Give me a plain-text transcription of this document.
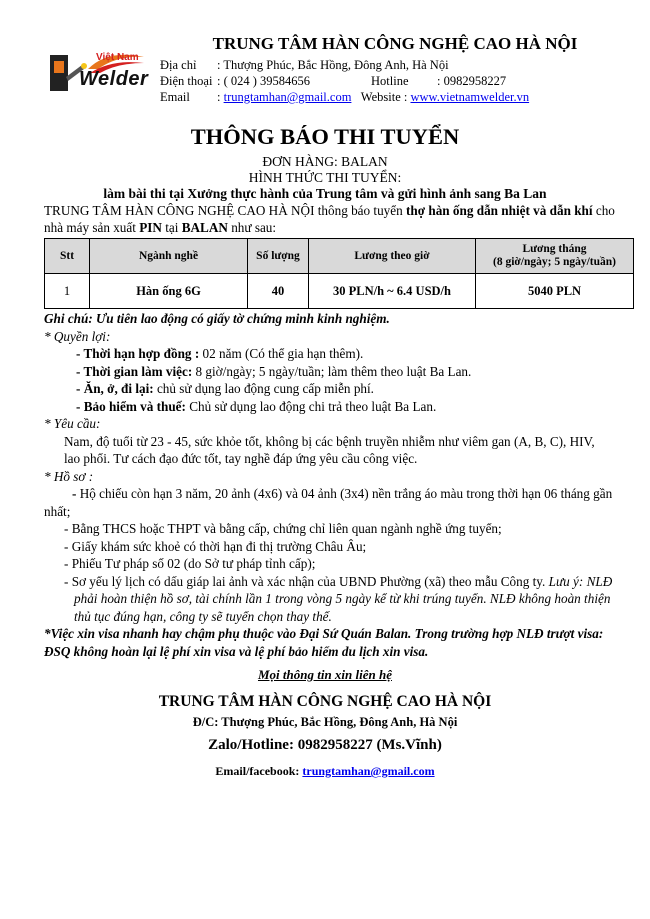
Việt Nam
Welder
TRUNG TÂM HÀN CÔNG NGHỆ CAO HÀ NỘI
Địa chỉ : Thượng Phúc, Bắc Hồng, Đông Anh, Hà Nội
Điện thoại : ( 024 ) 39584656	Hotline : 0982958227
Email : trungtamhan@gmail.com Website : www.vietnamwelder.vn
THÔNG BÁO THI TUYỂN
ĐƠN HÀNG: BALAN
HÌNH THỨC THI TUYỂN:
làm bài thi tại Xưởng thực hành của Trung tâm và gửi hình ảnh sang Ba Lan
TRUNG TÂM HÀN CÔNG NGHỆ CAO HÀ NỘI thông báo tuyển thợ hàn ống dẫn nhiệt và dẫn khí cho nhà máy sản xuất PIN tại BALAN như sau:
Stt	Ngành nghề	Số lượng	Lương theo giờ	Lương tháng
(8 giờ/ngày; 5 ngày/tuần)
1	Hàn ống 6G	40	30 PLN/h ~ 6.4 USD/h	5040 PLN
Ghi chú: Ưu tiên lao động có giấy tờ chứng minh kinh nghiệm.
* Quyền lợi:
- Thời hạn hợp đồng : 02 năm (Có thể gia hạn thêm).
- Thời gian làm việc: 8 giờ/ngày; 5 ngày/tuần; làm thêm theo luật Ba Lan.
- Ăn, ở, đi lại: chủ sử dụng lao động cung cấp miễn phí.
- Bảo hiểm và thuế: Chủ sử dụng lao động chi trả theo luật Ba Lan.
* Yêu cầu:
Nam, độ tuổi từ 23 - 45, sức khỏe tốt, không bị các bệnh truyền nhiễm như viêm gan (A, B, C), HIV,
lao phổi. Tư cách đạo đức tốt, tay nghề đáp ứng yêu cầu công việc.
* Hồ sơ :
- Hộ chiếu còn hạn 3 năm, 20 ảnh (4x6) và 04 ảnh (3x4) nền trắng áo màu trong thời hạn 06 tháng gần
nhất;
- Bằng THCS hoặc THPT và bằng cấp, chứng chỉ liên quan ngành nghề ứng tuyển;
- Giấy khám sức khoẻ có thời hạn đi thị trường Châu Âu;
- Phiếu Tư pháp số 02 (do Sở tư pháp tỉnh cấp);
- Sơ yếu lý lịch có dấu giáp lai ảnh và xác nhận của UBND Phường (xã) theo mẫu Công ty. Lưu ý: NLĐ
phải hoàn thiện hồ sơ, tài chính lần 1 trong vòng 5 ngày kể từ khi trúng tuyển. NLĐ không hoàn thiện
thủ tục đúng hạn, công ty sẽ tuyển chọn thay thế.
*Việc xin visa nhanh hay chậm phụ thuộc vào Đại Sứ Quán Balan. Trong trường hợp NLĐ trượt visa:
ĐSQ không hoàn lại lệ phí xin visa và lệ phí bảo hiểm du lịch xin visa.
Mọi thông tin xin liên hệ
TRUNG TÂM HÀN CÔNG NGHỆ CAO HÀ NỘI
Đ/C: Thượng Phúc, Bắc Hồng, Đông Anh, Hà Nội
Zalo/Hotline: 0982958227 (Ms.Vĩnh)
Email/facebook: trungtamhan@gmail.com
